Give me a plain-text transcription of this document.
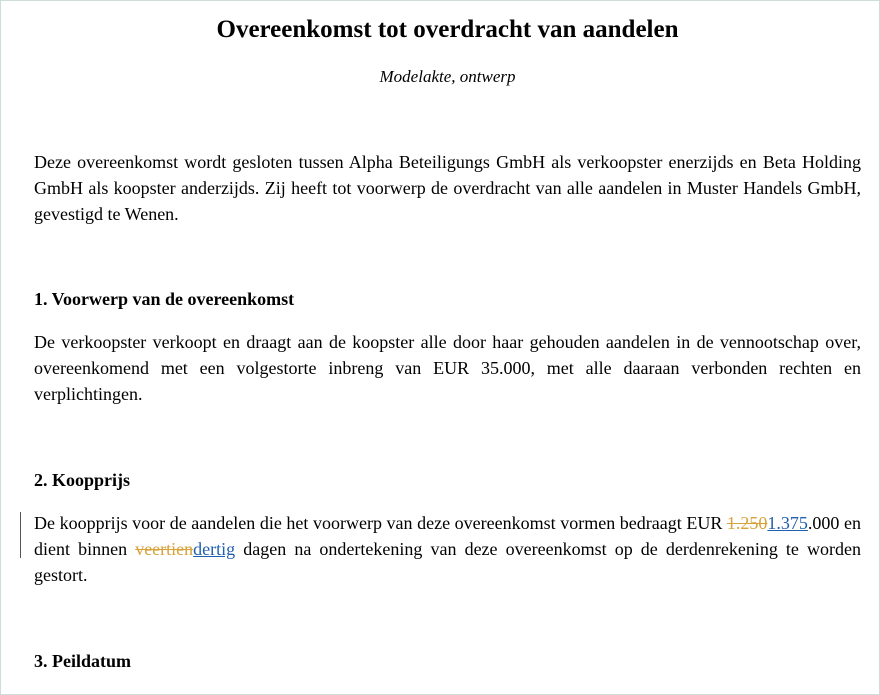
Overeenkomst tot overdracht van aandelen
Modelakte, ontwerp

Deze overeenkomst wordt gesloten tussen Alpha Beteiligungs GmbH als verkoopster enerzijds en Beta Holding GmbH als koopster anderzijds. Zij heeft tot voorwerp de overdracht van alle aandelen in Muster Handels GmbH, gevestigd te Wenen.

1. Voorwerp van de overeenkomst

De verkoopster verkoopt en draagt aan de koopster alle door haar gehouden aandelen in de vennootschap over, overeenkomend met een volgestorte inbreng van EUR 35.000, met alle daaraan verbonden rechten en verplichtingen.

2. Koopprijs

De koopprijs voor de aandelen die het voorwerp van deze overeenkomst vormen bedraagt EUR 1.2501.375.000 en dient binnen veertiendertig dagen na ondertekening van deze overeenkomst op de derdenrekening te worden gestort.

3. Peildatum
